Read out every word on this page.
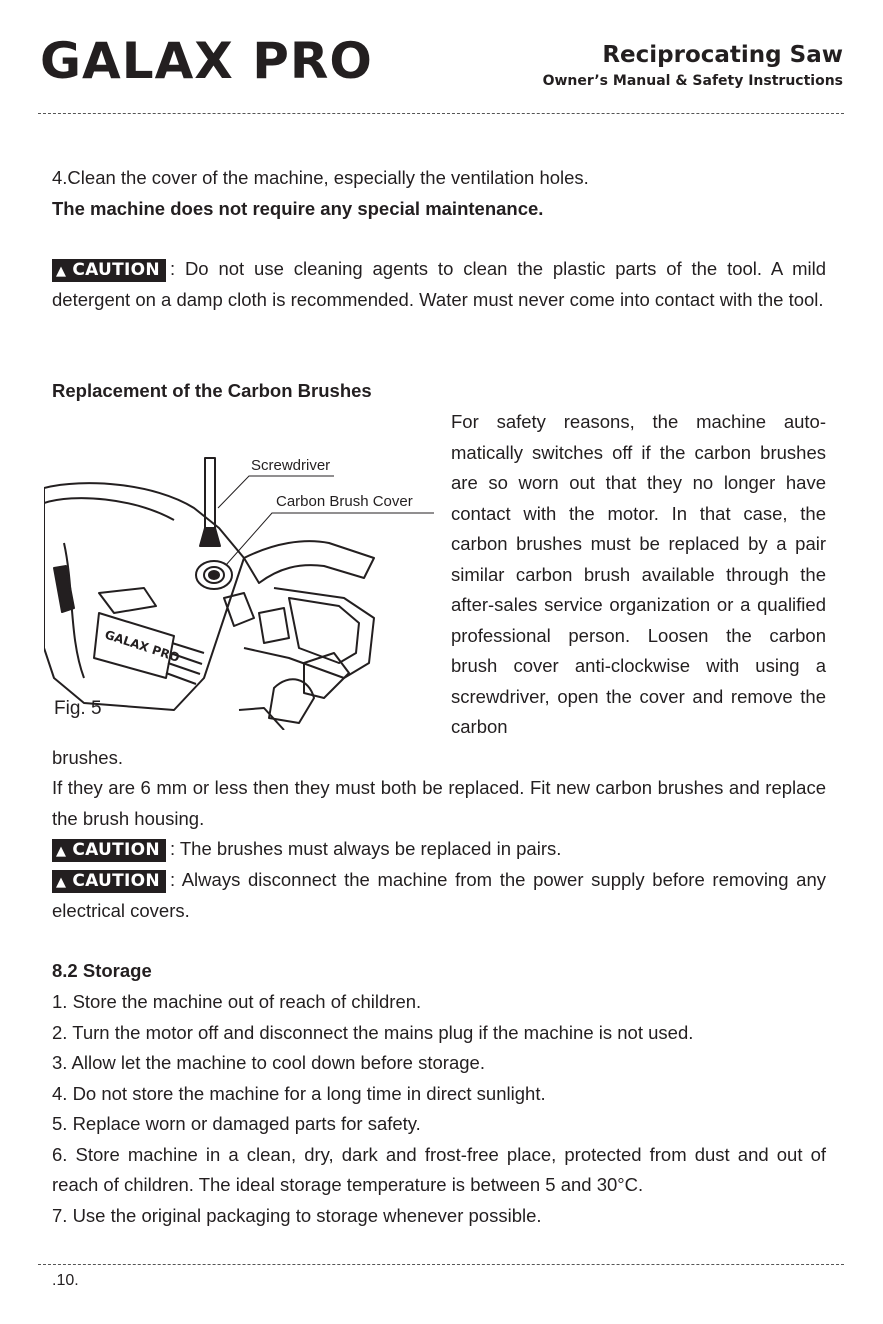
GALAX PRO	Reciprocating Saw
Owner’s Manual & Safety Instructions
4.Clean the cover of the machine, especially the ventilation holes.
The machine does not require any special maintenance.
▲ CAUTION : Do not use cleaning agents to clean the plastic parts of the tool. A mild detergent on a damp cloth is recommended. Water must never come into contact with the tool.
Replacement of the Carbon Brushes
For safety reasons, the machine auto-matically switches off if the carbon brushes are so worn out that they no longer have contact with the motor. In that case, the carbon brushes must be replaced by a pair similar carbon brush available through the after-sales service organization or a qualified professional person. Loosen the carbon brush cover anti-clockwise with using a screwdriver, open the cover and remove the carbon
GALAX PRO
Screwdriver
Carbon Brush Cover
Fig. 5
brushes.
If they are 6 mm or less then they must both be replaced. Fit new carbon brushes and replace the brush housing.
▲ CAUTION : The brushes must always be replaced in pairs.
▲ CAUTION : Always disconnect the machine from the power supply before removing any electrical covers.
8.2 Storage
1. Store the machine out of reach of children.
2. Turn the motor off and disconnect the mains plug if the machine is not used.
3. Allow let the machine to cool down before storage.
4. Do not store the machine for a long time in direct sunlight.
5. Replace worn or damaged parts for safety.
6. Store machine in a clean, dry, dark and frost-free place, protected from dust and out of reach of children. The ideal storage temperature is between 5 and 30°C.
7. Use the original packaging to storage whenever possible.
.10.
